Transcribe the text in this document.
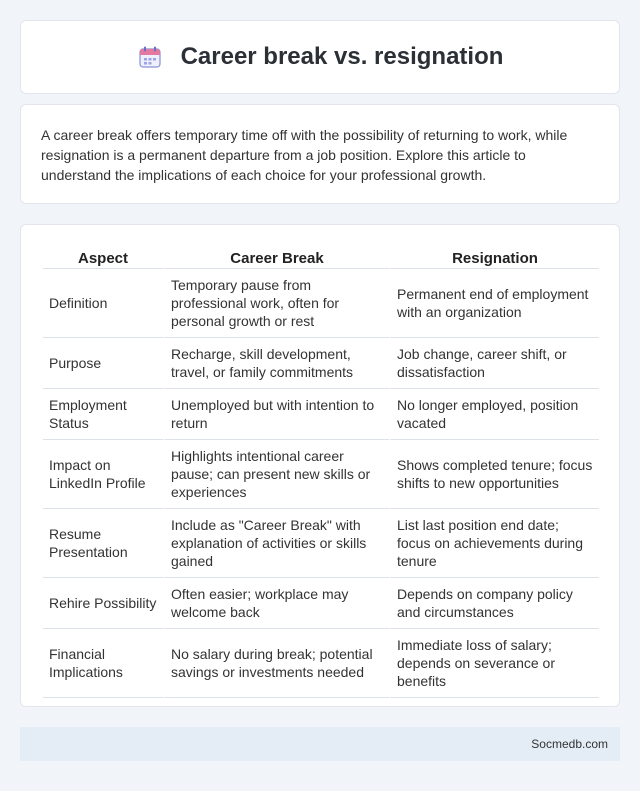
Career break vs. resignation

A career break offers temporary time off with the possibility of returning to work, while resignation is a permanent departure from a job position. Explore this article to understand the implications of each choice for your professional growth.

Aspect	Career Break	Resignation
Definition	Temporary pause from professional work, often for personal growth or rest	Permanent end of employment with an organization
Purpose	Recharge, skill development, travel, or family commitments	Job change, career shift, or dissatisfaction
Employment Status	Unemployed but with intention to return	No longer employed, position vacated
Impact on LinkedIn Profile	Highlights intentional career pause; can present new skills or experiences	Shows completed tenure; focus shifts to new opportunities
Resume Presentation	Include as "Career Break" with explanation of activities or skills gained	List last position end date; focus on achievements during tenure
Rehire Possibility	Often easier; workplace may welcome back	Depends on company policy and circumstances
Financial Implications	No salary during break; potential savings or investments needed	Immediate loss of salary; depends on severance or benefits
Socmedb.com
